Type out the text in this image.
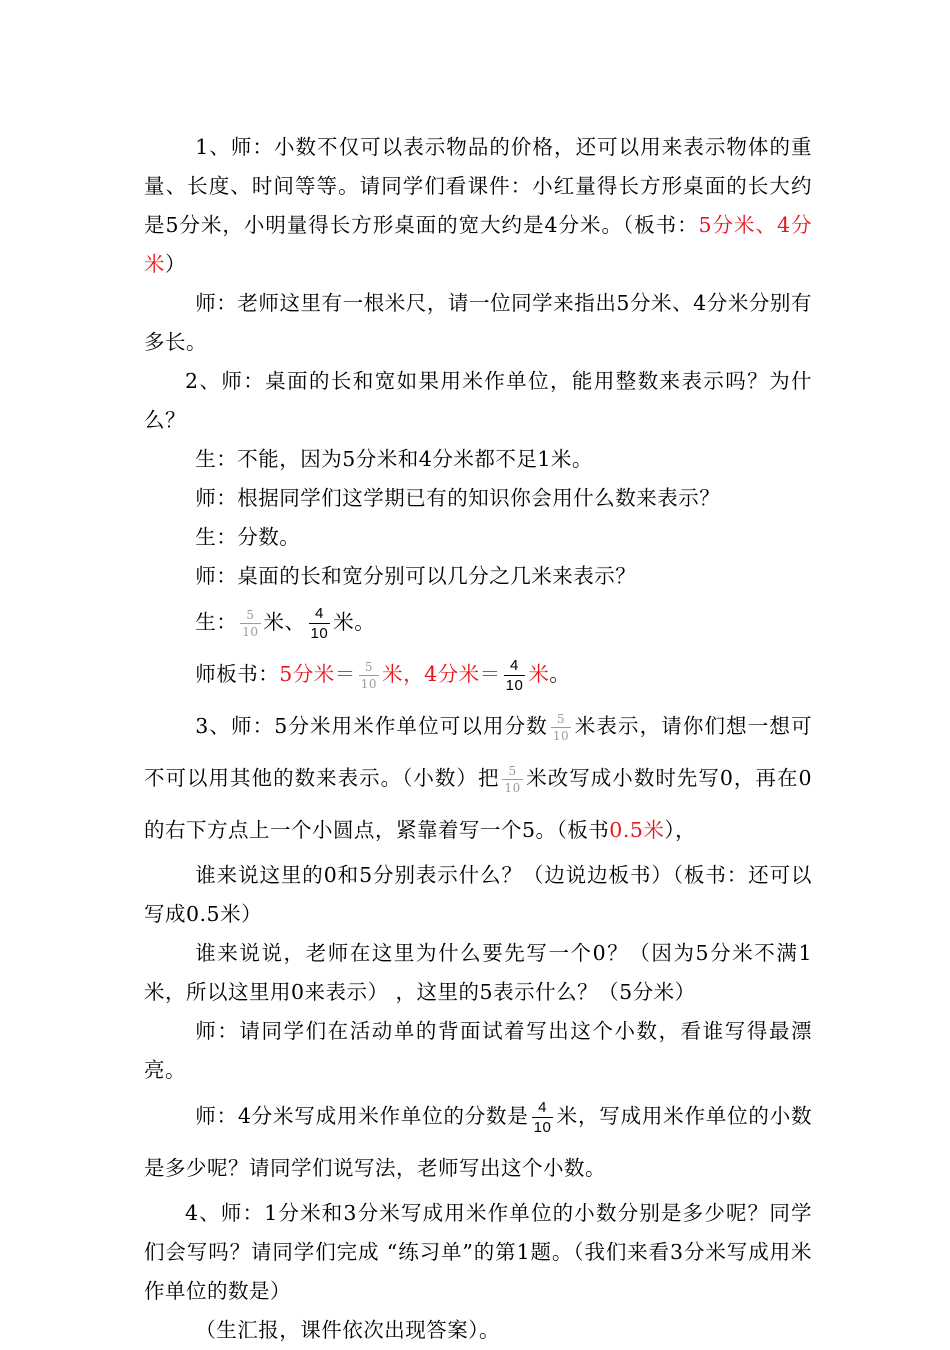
1、师：小数不仅可以表示物品的价格，还可以用来表示物体的重量、长度、时间等等。请同学们看课件：小红量得长方形桌面的长大约是5分米，小明量得长方形桌面的宽大约是4分米。（板书：5分米、4分米）

师：老师这里有一根米尺，请一位同学来指出5分米、4分米分别有多长。

2、师：桌面的长和宽如果用米作单位，能用整数来表示吗？为什么？

生：不能，因为5分米和4分米都不足1米。

师：根据同学们这学期已有的知识你会用什么数来表示？

生：分数。

师：桌面的长和宽分别可以几分之几米来表示？

生： $\frac{5}{10}$ 米、 $\frac{4}{10}$ 米。

师板书：5分米＝ $\frac{5}{10}$ 米，4分米＝ $\frac{4}{10}$ 米。

3、师：5分米用米作单位可以用分数 $\frac{5}{10}$ 米表示，请你们想一想可不可以用其他的数来表示。（小数）把 $\frac{5}{10}$ 米改写成小数时先写0，再在0的右下方点上一个小圆点，紧靠着写一个5。（板书0.5米），

谁来说这里的0和5分别表示什么？（边说边板书）（板书：还可以写成0.5米）

谁来说说，老师在这里为什么要先写一个0？（因为5分米不满1米，所以这里用0来表示） ，这里的5表示什么？（5分米）

师：请同学们在活动单的背面试着写出这个小数，看谁写得最漂亮。

师：4分米写成用米作单位的分数是 $\frac{4}{10}$ 米，写成用米作单位的小数是多少呢？请同学们说写法，老师写出这个小数。

4、师：1分米和3分米写成用米作单位的小数分别是多少呢？同学们会写吗？请同学们完成 “练习单”的第1题。（我们来看3分米写成用米作单位的数是）

（生汇报，课件依次出现答案）。
